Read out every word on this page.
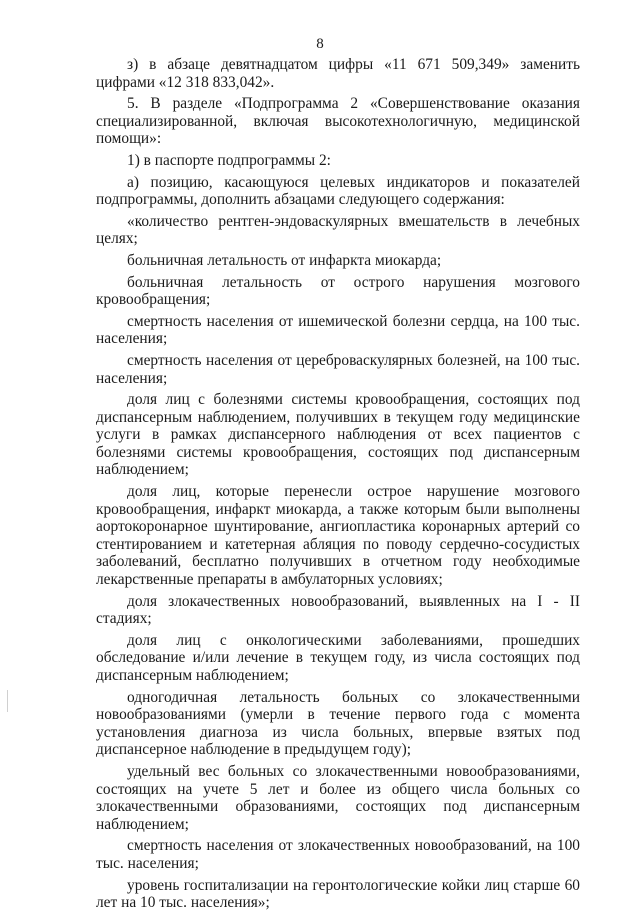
8

з) в абзаце девятнадцатом цифры «11 671 509,349» заменить цифрами «12 318 833,042».

5. В разделе «Подпрограмма 2 «Совершенствование оказания специализированной, включая высокотехнологичную, медицинской помощи»:

1) в паспорте подпрограммы 2:

а) позицию, касающуюся целевых индикаторов и показателей подпрограммы, дополнить абзацами следующего содержания:

«количество рентген-эндоваскулярных вмешательств в лечебных целях;

больничная летальность от инфаркта миокарда;

больничная летальность от острого нарушения мозгового кровообращения;

смертность населения от ишемической болезни сердца, на 100 тыс. населения;

смертность населения от цереброваскулярных болезней, на 100 тыс. населения;

доля лиц с болезнями системы кровообращения, состоящих под диспансерным наблюдением, получивших в текущем году медицинские услуги в рамках диспансерного наблюдения от всех пациентов с болезнями системы кровообращения, состоящих под диспансерным наблюдением;

доля лиц, которые перенесли острое нарушение мозгового кровообращения, инфаркт миокарда, а также которым были выполнены аортокоронарное шунтирование, ангиопластика коронарных артерий со стентированием и катетерная абляция по поводу сердечно-сосудистых заболеваний, бесплатно получивших в отчетном году необходимые лекарственные препараты в амбулаторных условиях;

доля злокачественных новообразований, выявленных на I - II стадиях;

доля лиц с онкологическими заболеваниями, прошедших обследование и/или лечение в текущем году, из числа состоящих под диспансерным наблюдением;

одногодичная летальность больных со злокачественными новообразованиями (умерли в течение первого года с момента установления диагноза из числа больных, впервые взятых под диспансерное наблюдение в предыдущем году);

удельный вес больных со злокачественными новообразованиями, состоящих на учете 5 лет и более из общего числа больных со злокачественными образованиями, состоящих под диспансерным наблюдением;

смертность населения от злокачественных новообразований, на 100 тыс. населения;

уровень госпитализации на геронтологические койки лиц старше 60 лет на 10 тыс. населения»;
